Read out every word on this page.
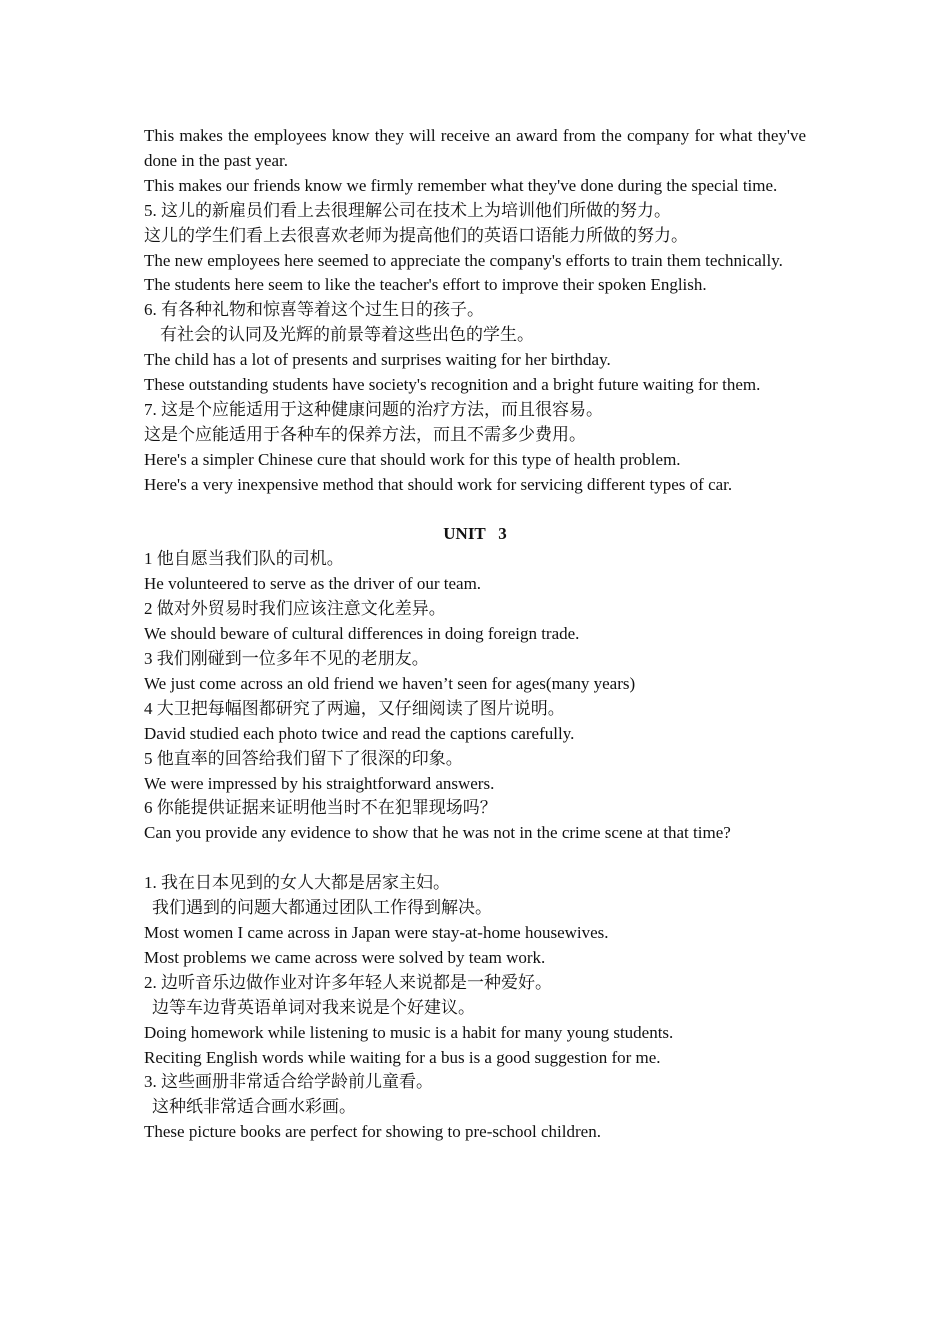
This makes the employees know they will receive an award from the company for what they've done in the past year.
This makes our friends know we firmly remember what they've done during the special time.
5. 这儿的新雇员们看上去很理解公司在技术上为培训他们所做的努力。
这儿的学生们看上去很喜欢老师为提高他们的英语口语能力所做的努力。
The new employees here seemed to appreciate the company's efforts to train them technically.
The students here seem to like the teacher's effort to improve their spoken English.
6. 有各种礼物和惊喜等着这个过生日的孩子。
有社会的认同及光辉的前景等着这些出色的学生。
The child has a lot of presents and surprises waiting for her birthday.
These outstanding students have society's recognition and a bright future waiting for them.
7. 这是个应能适用于这种健康问题的治疗方法，而且很容易。
这是个应能适用于各种车的保养方法，而且不需多少费用。
Here's a simpler Chinese cure that should work for this type of health problem.
Here's a very inexpensive method that should work for servicing different types of car.
UNIT   3
1 他自愿当我们队的司机。
He volunteered to serve as the driver of our team.
2 做对外贸易时我们应该注意文化差异。
We should beware of cultural differences in doing foreign trade.
3 我们刚碰到一位多年不见的老朋友。
We just come across an old friend we haven’t seen for ages(many years)
4 大卫把每幅图都研究了两遍，又仔细阅读了图片说明。
David studied each photo twice and read the captions carefully.
5 他直率的回答给我们留下了很深的印象。
We were impressed by his straightforward answers.
6 你能提供证据来证明他当时不在犯罪现场吗？
Can you provide any evidence to show that he was not in the crime scene at that time?
1. 我在日本见到的女人大都是居家主妇。
我们遇到的问题大都通过团队工作得到解决。
Most women I came across in Japan were stay-at-home housewives.
Most problems we came across were solved by team work.
2. 边听音乐边做作业对许多年轻人来说都是一种爱好。
边等车边背英语单词对我来说是个好建议。
Doing homework while listening to music is a habit for many young students.
Reciting English words while waiting for a bus is a good suggestion for me.
3. 这些画册非常适合给学龄前儿童看。
这种纸非常适合画水彩画。
These picture books are perfect for showing to pre-school children.
